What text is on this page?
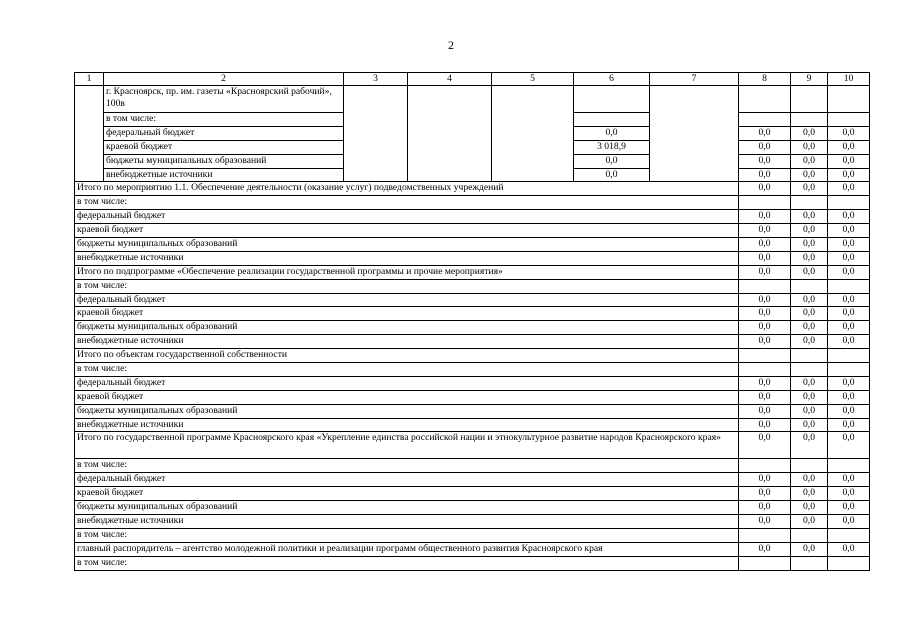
2
1	2	3	4	5	6	7	8	9	10
	г. Красноярск, пр. им. газеты «Красноярский рабочий», 100в								
	в том числе:								
	федеральный бюджет				0,0		0,0	0,0	0,0
	краевой бюджет				3 018,9		0,0	0,0	0,0
	бюджеты муниципальных образований				0,0		0,0	0,0	0,0
	внебюджетные источники				0,0		0,0	0,0	0,0
Итого по мероприятию 1.1. Обеспечение деятельности (оказание услуг) подведомственных учреждений							0,0	0,0	0,0
в том числе:									
федеральный бюджет							0,0	0,0	0,0
краевой бюджет							0,0	0,0	0,0
бюджеты муниципальных образований							0,0	0,0	0,0
внебюджетные источники							0,0	0,0	0,0
Итого по подпрограмме «Обеспечение реализации государственной программы и прочие мероприятия»							0,0	0,0	0,0
в том числе:									
федеральный бюджет							0,0	0,0	0,0
краевой бюджет							0,0	0,0	0,0
бюджеты муниципальных образований							0,0	0,0	0,0
внебюджетные источники							0,0	0,0	0,0
Итого по объектам государственной собственности									
в том числе:									
федеральный бюджет							0,0	0,0	0,0
краевой бюджет							0,0	0,0	0,0
бюджеты муниципальных образований							0,0	0,0	0,0
внебюджетные источники							0,0	0,0	0,0
Итого по государственной программе Красноярского края «Укрепление единства российской нации и этнокультурное развитие народов Красноярского края»							0,0	0,0	0,0
в том числе:									
федеральный бюджет							0,0	0,0	0,0
краевой бюджет							0,0	0,0	0,0
бюджеты муниципальных образований							0,0	0,0	0,0
внебюджетные источники							0,0	0,0	0,0
в том числе:									
главный распорядитель – агентство молодежной политики и реализации программ общественного развития Красноярского края							0,0	0,0	0,0
в том числе:									
